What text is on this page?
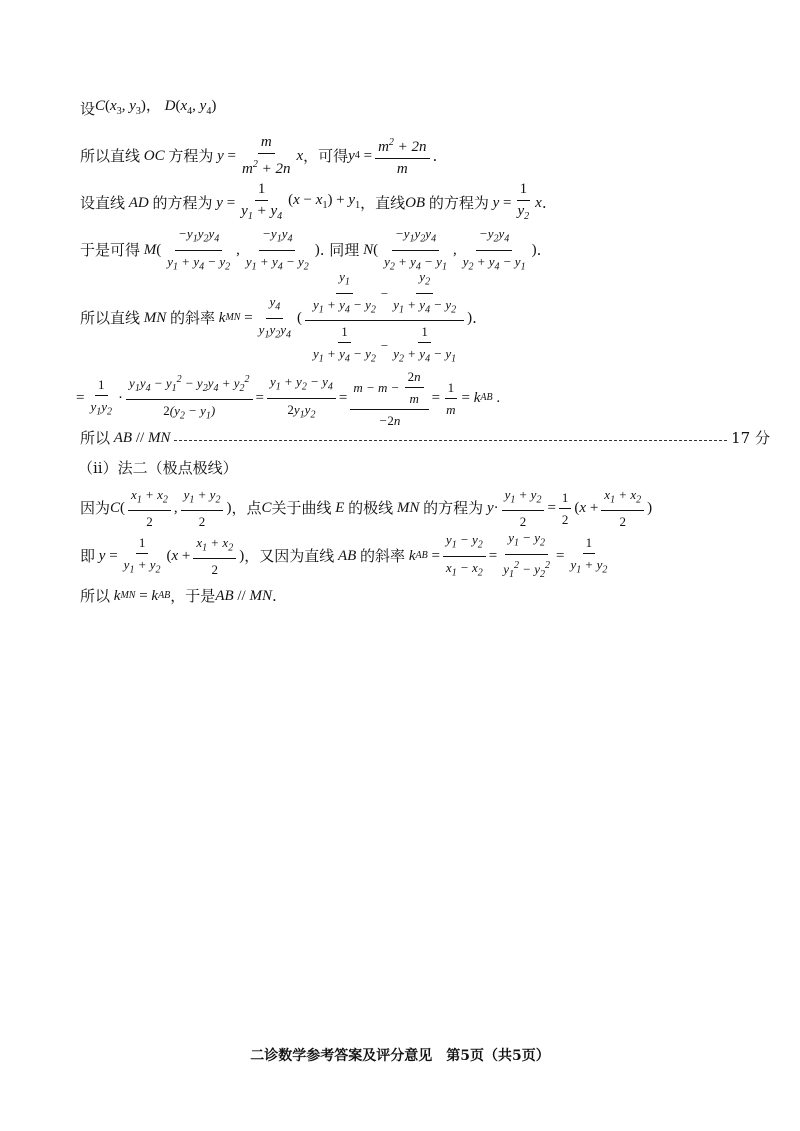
设 $C(x_3$, $y_3$)， $D(x_4$, $y_4$)
所以直线 OC 方程为 $y = \frac{m}{m^2 + 2n}$ x ，可得 y $4 = \frac{m^2 + 2n}{m}$ .
设直线 AD 的方程为 $y = \frac{1}{y_1 + y_4} (x - x_1) + y_1$ ，直线 OB 的方程为 $y = \frac{1}{y_2}$ x .
于是可得 M ( $\frac{-y_1y_2y_4}{y_1 + y_4 - y_2}$ , $\frac{-y_1y_4}{y_1 + y_4 - y_2}$ ) . 同理 N ( $\frac{-y_1y_2y_4}{y_2 + y_4 - y_1}$ , $\frac{-y_2y_4}{y_2 + y_4 - y_1}$ ) .
所以直线 MN 的斜率 k MN = $\frac{y_4}{y_1y_2y_4}$ ( $\frac{\frac{y_1}{y_1 + y_4 - y_2} - \frac{y_2}{y_1 + y_4 - y_2}}{\frac{1}{y_1 + y_4 - y_2} - \frac{1}{y_2 + y_4 - y_1}}$ ) .
= $\frac{1}{y_1y_2} \cdot \frac{y_1y_4 - y_1^2 - y_2y_4 + y_2^2}{2(y_2 - y_1)} = \frac{y_1 + y_2 - y_4}{2y_1y_2} = \frac{m - m - \frac{2n}{m}}{-2n} = \frac{1}{m} = k$ AB .
所以 AB // MN	17 分
（ii）法二（极点极线）
因为 C ( $\frac{x_1 + x_2}{2}$ , $\frac{y_1 + y_2}{2}$ ) ，点 C 关于曲线 E 的极线 MN 的方程为 $y \cdot \frac{y_1 + y_2}{2} = \frac{1}{2} (x + \frac{x_1 + x_2}{2}$ )
即 $y = \frac{1}{y_1 + y_2} (x + \frac{x_1 + x_2}{2}$ ) ，又因为直线 AB 的斜率 k AB = $\frac{y_1 - y_2}{x_1 - x_2} = \frac{y_1 - y_2}{y_1^2 - y_2^2} = \frac{1}{y_1 + y_2}$
所以 k MN = k AB ，于是 AB // MN .
二诊数学参考答案及评分意见　第5页（共5页）
